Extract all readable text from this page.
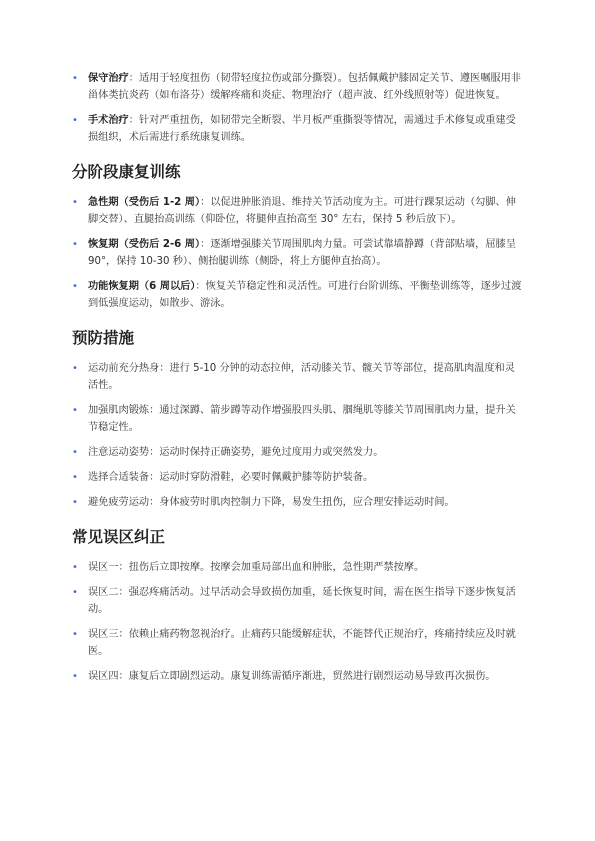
• 保守治疗：适用于轻度扭伤（韧带轻度拉伤或部分撕裂）。包括佩戴护膝固定关节、遵医嘱服用非甾体类抗炎药（如布洛芬）缓解疼痛和炎症、物理治疗（超声波、红外线照射等）促进恢复。
• 手术治疗：针对严重扭伤，如韧带完全断裂、半月板严重撕裂等情况，需通过手术修复或重建受损组织，术后需进行系统康复训练。
分阶段康复训练
• 急性期（受伤后 1-2 周）：以促进肿胀消退、维持关节活动度为主。可进行踝泵运动（勾脚、伸脚交替）、直腿抬高训练（仰卧位，将腿伸直抬高至 30° 左右，保持 5 秒后放下）。
• 恢复期（受伤后 2-6 周）：逐渐增强膝关节周围肌肉力量。可尝试靠墙静蹲（背部贴墙，屈膝呈 90°，保持 10-30 秒）、侧抬腿训练（侧卧，将上方腿伸直抬高）。
• 功能恢复期（6 周以后）：恢复关节稳定性和灵活性。可进行台阶训练、平衡垫训练等，逐步过渡到低强度运动，如散步、游泳。
预防措施
• 运动前充分热身：进行 5-10 分钟的动态拉伸，活动膝关节、髋关节等部位，提高肌肉温度和灵活性。
• 加强肌肉锻炼：通过深蹲、箭步蹲等动作增强股四头肌、腘绳肌等膝关节周围肌肉力量，提升关节稳定性。
• 注意运动姿势：运动时保持正确姿势，避免过度用力或突然发力。
• 选择合适装备：运动时穿防滑鞋，必要时佩戴护膝等防护装备。
• 避免疲劳运动：身体疲劳时肌肉控制力下降，易发生扭伤，应合理安排运动时间。
常见误区纠正
• 误区一：扭伤后立即按摩。按摩会加重局部出血和肿胀，急性期严禁按摩。
• 误区二：强忍疼痛活动。过早活动会导致损伤加重，延长恢复时间，需在医生指导下逐步恢复活动。
• 误区三：依赖止痛药物忽视治疗。止痛药只能缓解症状，不能替代正规治疗，疼痛持续应及时就医。
• 误区四：康复后立即剧烈运动。康复训练需循序渐进，贸然进行剧烈运动易导致再次损伤。
